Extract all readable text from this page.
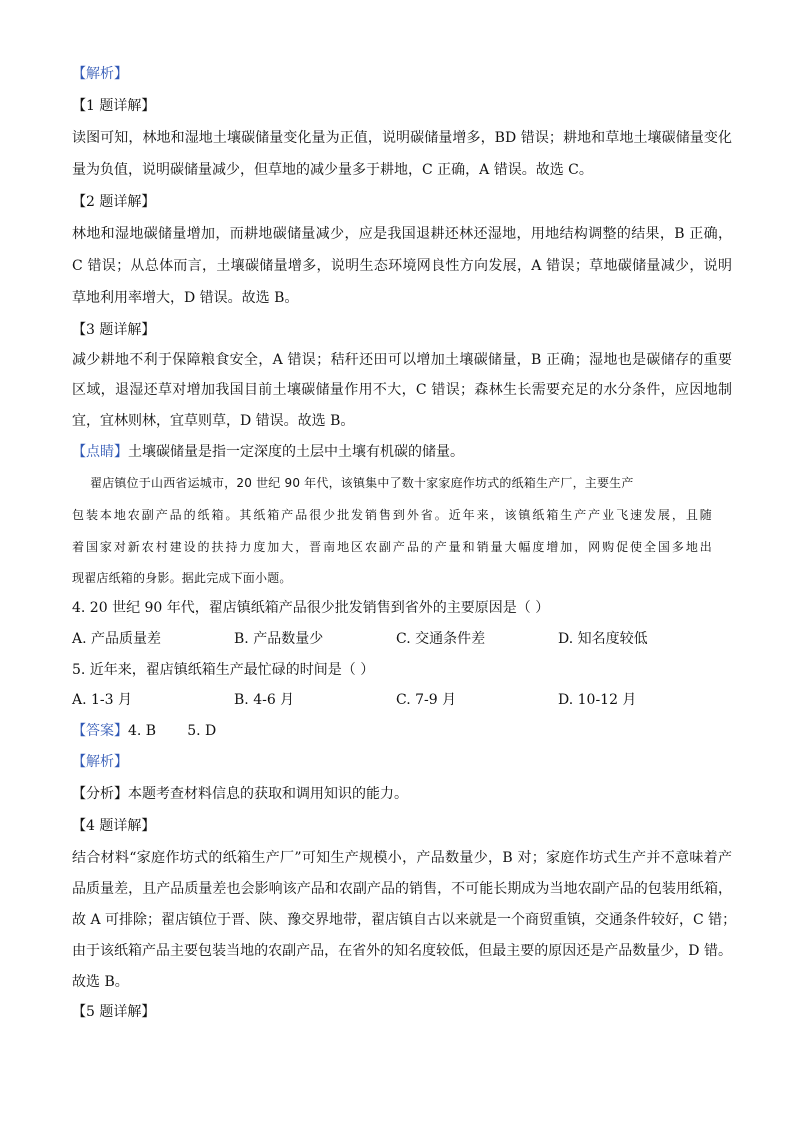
【解析】
【1 题详解】
读图可知，林地和湿地土壤碳储量变化量为正值，说明碳储量增多，BD 错误；耕地和草地土壤碳储量变化
量为负值，说明碳储量减少，但草地的减少量多于耕地，C 正确，A 错误。故选 C。
【2 题详解】
林地和湿地碳储量增加，而耕地碳储量减少，应是我国退耕还林还湿地，用地结构调整的结果，B 正确，
C 错误；从总体而言，土壤碳储量增多，说明生态环境网良性方向发展，A 错误；草地碳储量减少，说明
草地利用率增大，D 错误。故选 B。
【3 题详解】
减少耕地不利于保障粮食安全，A 错误；秸秆还田可以增加土壤碳储量，B 正确；湿地也是碳储存的重要
区域，退湿还草对增加我国目前土壤碳储量作用不大，C 错误；森林生长需要充足的水分条件，应因地制
宜，宜林则林，宜草则草，D 错误。故选 B。
【点睛】土壤碳储量是指一定深度的土层中土壤有机碳的储量。
翟店镇位于山西省运城市，20 世纪 90 年代，该镇集中了数十家家庭作坊式的纸箱生产厂，主要生产
包装本地农副产品的纸箱。其纸箱产品很少批发销售到外省。近年来，该镇纸箱生产产业飞速发展，且随
着国家对新农村建设的扶持力度加大，晋南地区农副产品的产量和销量大幅度增加，网购促使全国多地出
现翟店纸箱的身影。据此完成下面小题。
4. 20 世纪 90 年代，翟店镇纸箱产品很少批发销售到省外的主要原因是（ ）
A. 产品质量差	B. 产品数量少	C. 交通条件差	D. 知名度较低
5. 近年来，翟店镇纸箱生产最忙碌的时间是（ ）
A. 1-3 月	B. 4-6 月	C. 7-9 月	D. 10-12 月
【答案】4. B       5. D
【解析】
【分析】本题考查材料信息的获取和调用知识的能力。
【4 题详解】
结合材料“家庭作坊式的纸箱生产厂”可知生产规模小，产品数量少，B 对；家庭作坊式生产并不意味着产
品质量差，且产品质量差也会影响该产品和农副产品的销售，不可能长期成为当地农副产品的包装用纸箱，
故 A 可排除；翟店镇位于晋、陕、豫交界地带，翟店镇自古以来就是一个商贸重镇，交通条件较好，C 错；
由于该纸箱产品主要包装当地的农副产品，在省外的知名度较低，但最主要的原因还是产品数量少，D 错。
故选 B。
【5 题详解】
